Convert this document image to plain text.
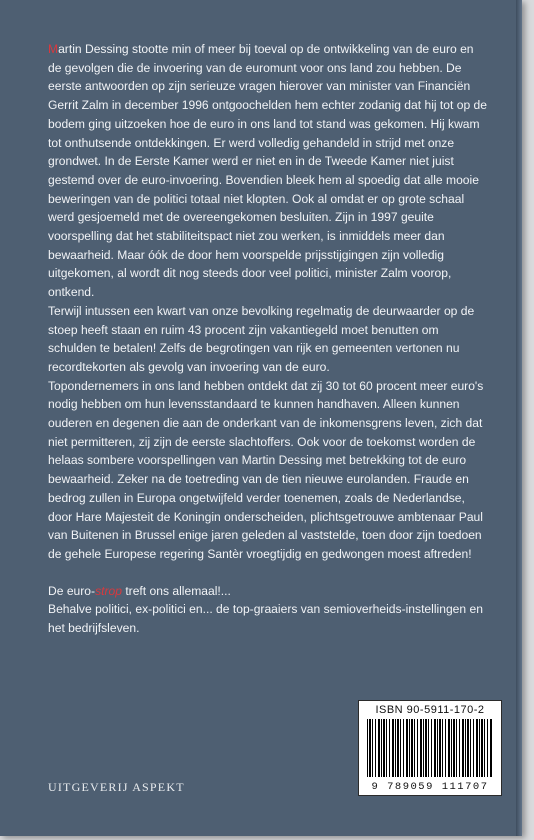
Martin Dessing stootte min of meer bij toeval op de ontwikkeling van de euro en de gevolgen die de invoering van de euromunt voor ons land zou hebben. De eerste antwoorden op zijn serieuze vragen hierover van minister van Financiën Gerrit Zalm in december 1996 ontgoochelden hem echter zodanig dat hij tot op de bodem ging uitzoeken hoe de euro in ons land tot stand was gekomen. Hij kwam tot onthutsende ontdekkingen. Er werd volledig gehandeld in strijd met onze grondwet. In de Eerste Kamer werd er niet en in de Tweede Kamer niet juist gestemd over de euro-invoering. Bovendien bleek hem al spoedig dat alle mooie beweringen van de politici totaal niet klopten. Ook al omdat er op grote schaal werd gesjoemeld met de overeengekomen besluiten. Zijn in 1997 geuite voorspelling dat het stabiliteitspact niet zou werken, is inmiddels meer dan bewaarheid. Maar óók de door hem voorspelde prijsstijgingen zijn volledig uitgekomen, al wordt dit nog steeds door veel politici, minister Zalm voorop, ontkend.

Terwijl intussen een kwart van onze bevolking regelmatig de deurwaarder op de stoep heeft staan en ruim 43 procent zijn vakantiegeld moet benutten om schulden te betalen! Zelfs de begrotingen van rijk en gemeenten vertonen nu recordtekorten als gevolg van invoering van de euro.

Topondernemers in ons land hebben ontdekt dat zij 30 tot 60 procent meer euro's nodig hebben om hun levensstandaard te kunnen handhaven. Alleen kunnen ouderen en degenen die aan de onderkant van de inkomensgrens leven, zich dat niet permitteren, zij zijn de eerste slachtoffers. Ook voor de toekomst worden de helaas sombere voorspellingen van Martin Dessing met betrekking tot de euro bewaarheid. Zeker na de toetreding van de tien nieuwe eurolanden. Fraude en bedrog zullen in Europa ongetwijfeld verder toenemen, zoals de Nederlandse, door Hare Majesteit de Koningin onderscheiden, plichtsgetrouwe ambtenaar Paul van Buitenen in Brussel enige jaren geleden al vaststelde, toen door zijn toedoen de gehele Europese regering Santèr vroegtijdig en gedwongen moest aftreden!

De euro-strop treft ons allemaal!...

Behalve politici, ex-politici en... de top-graaiers van semioverheids-instellingen en het bedrijfsleven.

ISBN 90-5911-170-2
9 789059 111707
UITGEVERIJ ASPEKT
